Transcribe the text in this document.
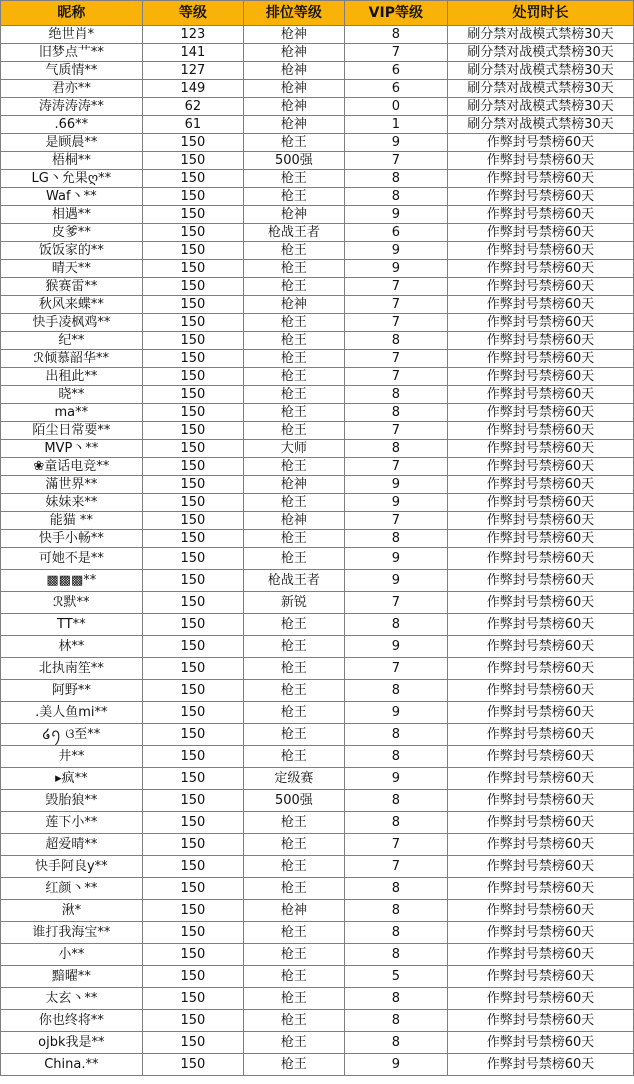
昵称	等级	排位等级	VIP等级	处罚时长
绝世肖*	123	枪神	8	刷分禁对战模式禁榜30天
旧梦点艹**	141	枪神	7	刷分禁对战模式禁榜30天
气质情**	127	枪神	6	刷分禁对战模式禁榜30天
君亦**	149	枪神	6	刷分禁对战模式禁榜30天
涛涛涛涛**	62	枪神	0	刷分禁对战模式禁榜30天
.66**	61	枪神	1	刷分禁对战模式禁榜30天
是顾晨**	150	枪王	9	作弊封号禁榜60天
梧桐**	150	500强	7	作弊封号禁榜60天
LG丶允果ღ**	150	枪王	8	作弊封号禁榜60天
Waf丶**	150	枪王	8	作弊封号禁榜60天
相遇**	150	枪神	9	作弊封号禁榜60天
皮爹**	150	枪战王者	6	作弊封号禁榜60天
饭饭家的**	150	枪王	9	作弊封号禁榜60天
晴天**	150	枪王	9	作弊封号禁榜60天
猴赛雷**	150	枪王	7	作弊封号禁榜60天
秋风来蝶**	150	枪神	7	作弊封号禁榜60天
快手凌枫鸡**	150	枪王	7	作弊封号禁榜60天
纪**	150	枪王	8	作弊封号禁榜60天
ℛ倾慕韶华**	150	枪王	7	作弊封号禁榜60天
出租此**	150	枪王	7	作弊封号禁榜60天
晓**	150	枪王	8	作弊封号禁榜60天
ma**	150	枪王	8	作弊封号禁榜60天
陌尘日常要**	150	枪王	7	作弊封号禁榜60天
MVP丶**	150	大师	8	作弊封号禁榜60天
❀童话电竞**	150	枪王	7	作弊封号禁榜60天
滿世界**	150	枪神	9	作弊封号禁榜60天
妹妹来**	150	枪王	9	作弊封号禁榜60天
能猫 **	150	枪神	7	作弊封号禁榜60天
快手小畅**	150	枪王	8	作弊封号禁榜60天
可她不是**	150	枪王	9	作弊封号禁榜60天
▩▩▩**	150	枪战王者	9	作弊封号禁榜60天
ℛ默**	150	新锐	7	作弊封号禁榜60天
TT**	150	枪王	8	作弊封号禁榜60天
林**	150	枪王	9	作弊封号禁榜60天
北执南笙**	150	枪王	7	作弊封号禁榜60天
阿野**	150	枪王	8	作弊封号禁榜60天
.美人鱼mi**	150	枪王	9	作弊封号禁榜60天
໒ꪆ ଓ至**	150	枪王	8	作弊封号禁榜60天
井**	150	枪王	8	作弊封号禁榜60天
▸疯**	150	定级赛	9	作弊封号禁榜60天
毁胎狼**	150	500强	8	作弊封号禁榜60天
莲下小**	150	枪王	8	作弊封号禁榜60天
超爱晴**	150	枪王	7	作弊封号禁榜60天
快手阿良y**	150	枪王	7	作弊封号禁榜60天
红颜丶**	150	枪王	8	作弊封号禁榜60天
湫*	150	枪神	8	作弊封号禁榜60天
谁打我海宝**	150	枪王	8	作弊封号禁榜60天
小**	150	枪王	8	作弊封号禁榜60天
黯曜**	150	枪王	5	作弊封号禁榜60天
太玄丶**	150	枪王	8	作弊封号禁榜60天
你也终将**	150	枪王	8	作弊封号禁榜60天
ojbk我是**	150	枪王	8	作弊封号禁榜60天
China.**	150	枪王	9	作弊封号禁榜60天
